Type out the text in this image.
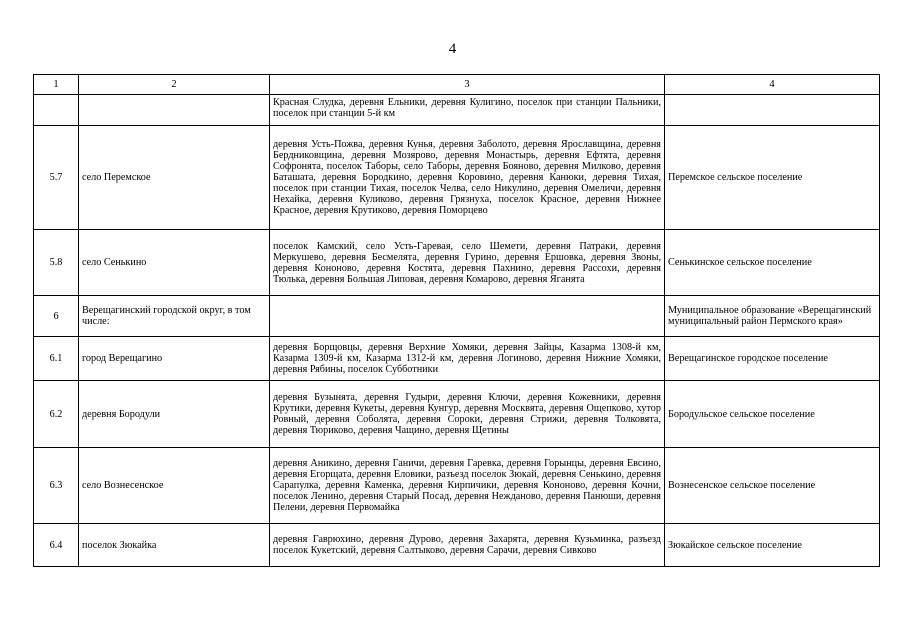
4
1	2	3	4
		Красная Слудка, деревня Ельники, деревня Кулигино, поселок при станции Пальники, поселок при станции 5-й км	
5.7	село Перемское	деревня Усть-Пожва, деревня Кунья, деревня Заболото, деревня Ярославщина, деревня Бердниковщина, деревня Мозярово, деревня Монастырь, деревня Ефтята, деревня Софронята, поселок Таборы, село Таборы, деревня Бояново, деревня Милково, деревня Баташата, деревня Бородкино, деревня Коровино, деревня Канюки, деревня Тихая, поселок при станции Тихая, поселок Челва, село Никулино, деревня Омеличи, деревня Нехайка, деревня Куликово, деревня Грязнуха, поселок Красное, деревня Нижнее Красное, деревня Крутиково, деревня Поморцево	Перемское сельское поселение
5.8	село Сенькино	поселок Камский, село Усть-Гаревая, село Шемети, деревня Патраки, деревня Меркушево, деревня Бесмелята, деревня Гурино, деревня Ершовка, деревня Звоны, деревня Кононово, деревня Костята, деревня Пахнино, деревня Рассохи, деревня Тюлька, деревня Большая Липовая, деревня Комарово, деревня Яганята	Сенькинское сельское поселение
6	Верещагинский городской округ, в том числе:		Муниципальное образование «Верещагинский муниципальный район Пермского края»
6.1	город Верещагино	деревня Борщовцы, деревня Верхние Хомяки, деревня Зайцы, Казарма 1308-й км, Казарма 1309-й км, Казарма 1312-й км, деревня Логиново, деревня Нижние Хомяки, деревня Рябины, поселок Субботники	Верещагинское городское поселение
6.2	деревня Бородули	деревня Бузынята, деревня Гудыри, деревня Ключи, деревня Кожевники, деревня Крутики, деревня Кукеты, деревня Кунгур, деревня Москвята, деревня Ощепково, хутор Ровный, деревня Соболята, деревня Сороки, деревня Стрижи, деревня Толковята, деревня Тюриково, деревня Чащино, деревня Щетины	Бородульское сельское поселение
6.3	село Вознесенское	деревня Аникино, деревня Ганичи, деревня Гаревка, деревня Горынцы, деревня Евсино, деревня Егорщата, деревня Еловики, разъезд поселок Зюкай, деревня Сенькино, деревня Сарапулка, деревня Каменка, деревня Кирпичики, деревня Кононово, деревня Кочни, поселок Ленино, деревня Старый Посад, деревня Нежданово, деревня Панюши, деревня Пелени, деревня Первомайка	Вознесенское сельское поселение
6.4	поселок Зюкайка	деревня Гаврюхино, деревня Дурово, деревня Захарята, деревня Кузьминка, разъезд поселок Кукетский, деревня Салтыково, деревня Сарачи, деревня Сивково	Зюкайское сельское поселение
